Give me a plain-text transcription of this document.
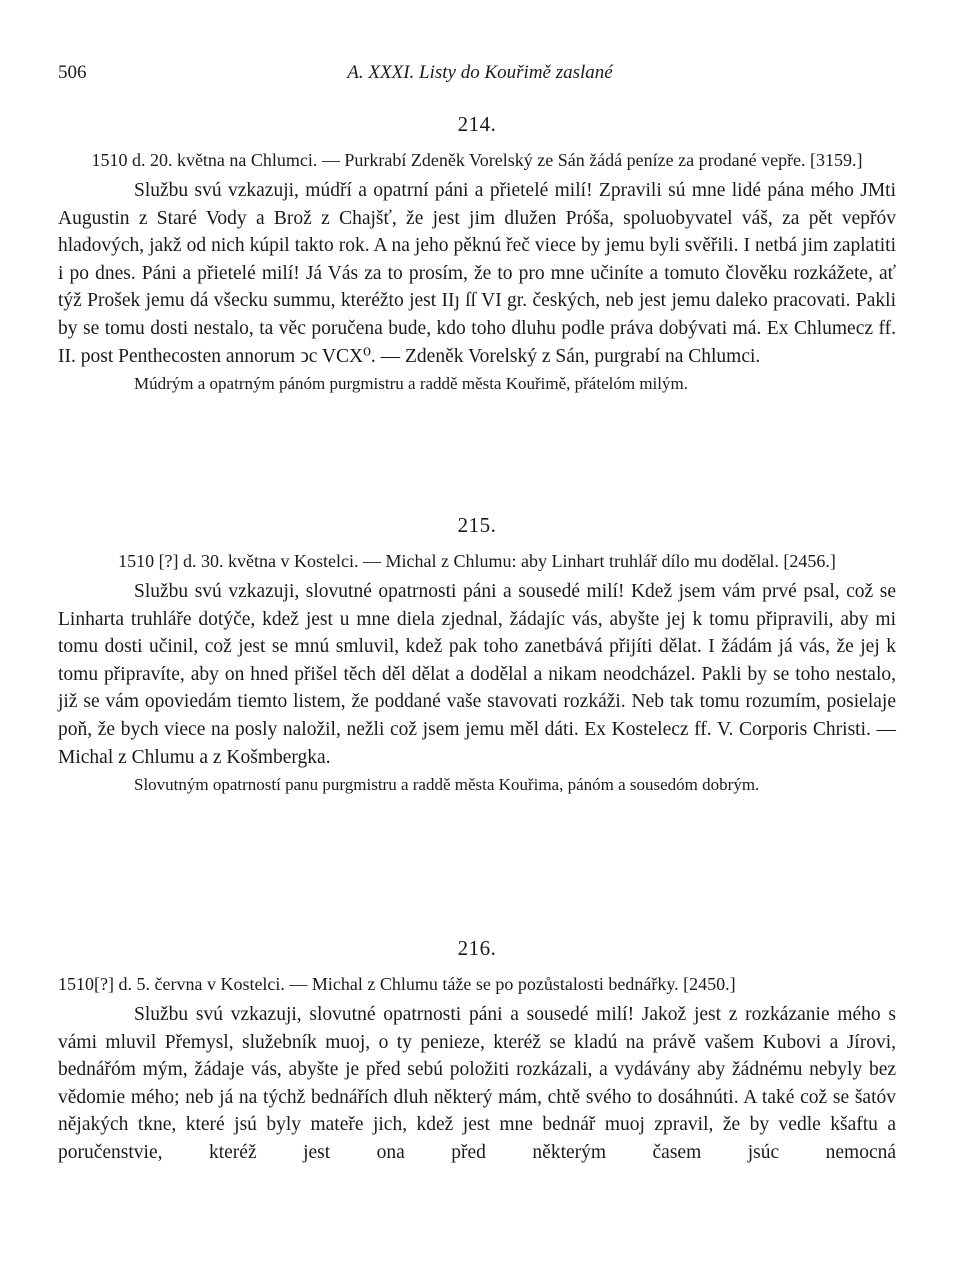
506	A. XXXI. Listy do Kouřimě zaslané
214.
1510 d. 20. května na Chlumci. — Purkrabí Zdeněk Vorelský ze Sán žádá peníze za prodané vepře. [3159.]
Službu svú vzkazuji, múdří a opatrní páni a přietelé milí! Zpravili sú mne lidé pána mého JMti Augustin z Staré Vody a Brož z Chajšť, že jest jim dlužen Próša, spoluobyvatel váš, za pět vepřóv hladových, jakž od nich kúpil takto rok. A na jeho pěknú řeč viece by jemu byli svěřili. I netbá jim zaplatiti i po dnes. Páni a přietelé milí! Já Vás za to prosím, že to pro mne učiníte a tomuto člověku rozkážete, ať týž Prošek jemu dá všecku summu, kteréžto jest IIȷ ſſ VI gr. českých, neb jest jemu daleko pracovati. Pakli by se tomu dosti nestalo, ta věc poručena bude, kdo toho dluhu podle práva dobývati má. Ex Chlumecz ff. II. post Penthecosten annorum ↄc VCX⁰. — Zdeněk Vorelský z Sán, purgrabí na Chlumci.
Múdrým a opatrným pánóm purgmistru a raddě města Kouřimě, přátelóm milým.
215.
1510 [?] d. 30. května v Kostelci. — Michal z Chlumu: aby Linhart truhlář dílo mu dodělal. [2456.]
Službu svú vzkazuji, slovutné opatrnosti páni a sousedé milí! Kdež jsem vám prvé psal, což se Linharta truhláře dotýče, kdež jest u mne diela zjednal, žádajíc vás, abyšte jej k tomu připravili, aby mi tomu dosti učinil, což jest se mnú smluvil, kdež pak toho zanetbává přijíti dělat. I žádám já vás, že jej k tomu připravíte, aby on hned přišel těch děl dělat a dodělal a nikam neodcházel. Pakli by se toho nestalo, již se vám opoviedám tiemto listem, že poddané vaše stavovati rozkáži. Neb tak tomu rozumím, posielaje poň, že bych viece na posly naložil, nežli což jsem jemu měl dáti. Ex Kostelecz ff. V. Corporis Christi. — Michal z Chlumu a z Košmbergka.
Slovutným opatrností panu purgmistru a raddě města Kouřima, pánóm a sousedóm dobrým.
216.
1510[?] d. 5. června v Kostelci. — Michal z Chlumu táže se po pozůstalosti bednářky. [2450.]
Službu svú vzkazuji, slovutné opatrnosti páni a sousedé milí! Jakož jest z rozkázanie mého s vámi mluvil Přemysl, služebník muoj, o ty penieze, kteréž se kladú na právě vašem Kubovi a Jírovi, bednářóm mým, žádaje vás, abyšte je před sebú položiti rozkázali, a vydávány aby žádnému nebyly bez vědomie mého; neb já na týchž bednářích dluh některý mám, chtě svého to dosáhnúti. A také což se šatóv nějakých tkne, které jsú byly mateře jich, kdež jest mne bednář muoj zpravil, že by vedle kšaftu a poručenstvie, kteréž jest ona před některým časem jsúc nemocná
